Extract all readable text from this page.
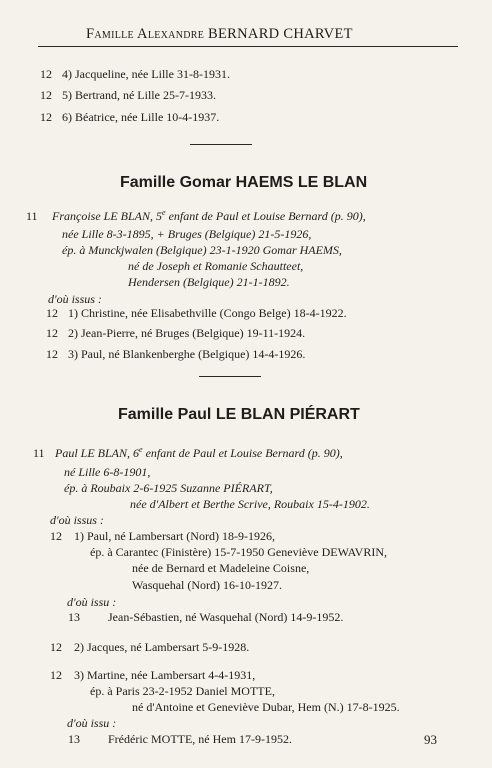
Famille Alexandre BERNARD CHARVET
12 4) Jacqueline, née Lille 31-8-1931.
12 5) Bertrand, né Lille 25-7-1933.
12 6) Béatrice, née Lille 10-4-1937.
Famille Gomar HAEMS LE BLAN
11 Françoise LE BLAN, 5e enfant de Paul et Louise Bernard (p. 90),
née Lille 8-3-1895, + Bruges (Belgique) 21-5-1926,
ép. à Munckjwalen (Belgique) 23-1-1920 Gomar HAEMS,
né de Joseph et Romanie Schautteet,
Hendersen (Belgique) 21-1-1892.
d'où issus :
12 1) Christine, née Elisabethville (Congo Belge) 18-4-1922.
12 2) Jean-Pierre, né Bruges (Belgique) 19-11-1924.
12 3) Paul, né Blankenberghe (Belgique) 14-4-1926.
Famille Paul LE BLAN PIÉRART
11 Paul LE BLAN, 6e enfant de Paul et Louise Bernard (p. 90),
né Lille 6-8-1901,
ép. à Roubaix 2-6-1925 Suzanne PIÉRART,
née d'Albert et Berthe Scrive, Roubaix 15-4-1902.
d'où issus :
12 1) Paul, né Lambersart (Nord) 18-9-1926,
ép. à Carantec (Finistère) 15-7-1950 Geneviève DEWAVRIN,
née de Bernard et Madeleine Coisne,
Wasquehal (Nord) 16-10-1927.
d'où issu :
13 Jean-Sébastien, né Wasquehal (Nord) 14-9-1952.
12 2) Jacques, né Lambersart 5-9-1928.
12 3) Martine, née Lambersart 4-4-1931,
ép. à Paris 23-2-1952 Daniel MOTTE,
né d'Antoine et Geneviève Dubar, Hem (N.) 17-8-1925.
d'où issu :
13 Frédéric MOTTE, né Hem 17-9-1952.	93
